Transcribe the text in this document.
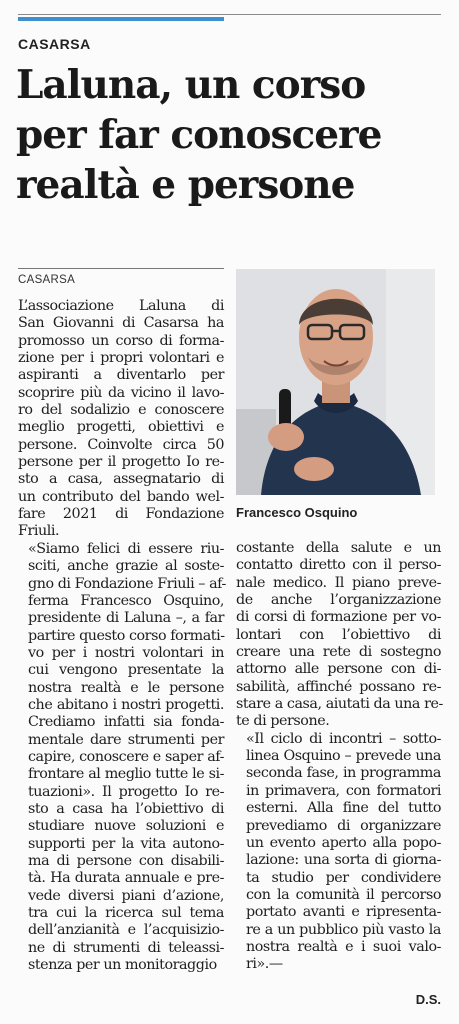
CASARSA
Laluna, un corso
per far conoscere
realtà e persone
CASARSA

L’associazione Laluna di
San Giovanni di Casarsa ha
promosso un corso di forma-
zione per i propri volontari e
aspiranti a diventarlo per
scoprire più da vicino il lavo-
ro del sodalizio e conoscere
meglio progetti, obiettivi e
persone. Coinvolte circa 50
persone per il progetto Io re-
sto a casa, assegnatario di
un contributo del bando wel-
fare 2021 di Fondazione
Friuli.

«Siamo felici di essere riu-
sciti, anche grazie al soste-
gno di Fondazione Friuli – af-
ferma Francesco Osquino,
presidente di Laluna –, a far
partire questo corso formati-
vo per i nostri volontari in
cui vengono presentate la
nostra realtà e le persone
che abitano i nostri progetti.
Crediamo infatti sia fonda-
mentale dare strumenti per
capire, conoscere e saper af-
frontare al meglio tutte le si-
tuazioni». Il progetto Io re-
sto a casa ha l’obiettivo di
studiare nuove soluzioni e
supporti per la vita autono-
ma di persone con disabili-
tà. Ha durata annuale e pre-
vede diversi piani d’azione,
tra cui la ricerca sul tema
dell’anzianità e l’acquisizio-
ne di strumenti di teleassi-
stenza per un monitoraggio

Francesco Osquino

costante della salute e un
contatto diretto con il perso-
nale medico. Il piano preve-
de anche l’organizzazione
di corsi di formazione per vo-
lontari con l’obiettivo di
creare una rete di sostegno
attorno alle persone con di-
sabilità, affinché possano re-
stare a casa, aiutati da una re-
te di persone.

«Il ciclo di incontri – sotto-
linea Osquino – prevede una
seconda fase, in programma
in primavera, con formatori
esterni. Alla fine del tutto
prevediamo di organizzare
un evento aperto alla popo-
lazione: una sorta di giorna-
ta studio per condividere
con la comunità il percorso
portato avanti e ripresenta-
re a un pubblico più vasto la
nostra realtà e i suoi valo-
ri».—

D.S.
